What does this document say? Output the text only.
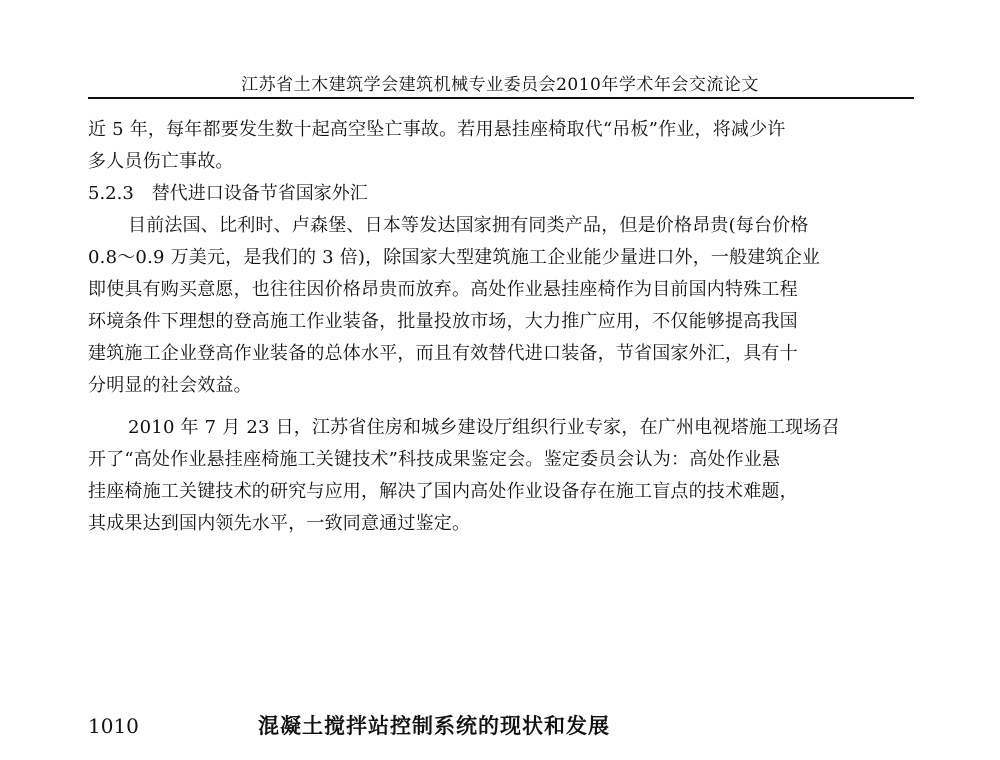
江苏省土木建筑学会建筑机械专业委员会2010年学术年会交流论文
近 5 年，每年都要发生数十起高空坠亡事故。若用悬挂座椅取代“吊板”作业，将减少许
多人员伤亡事故。
5.2.3　替代进口设备节省国家外汇
目前法国、比利时、卢森堡、日本等发达国家拥有同类产品，但是价格昂贵(每台价格
0.8～0.9 万美元，是我们的 3 倍)，除国家大型建筑施工企业能少量进口外，一般建筑企业
即使具有购买意愿，也往往因价格昂贵而放弃。高处作业悬挂座椅作为目前国内特殊工程
环境条件下理想的登高施工作业装备，批量投放市场，大力推广应用，不仅能够提高我国
建筑施工企业登高作业装备的总体水平，而且有效替代进口装备，节省国家外汇，具有十
分明显的社会效益。
2010 年 7 月 23 日，江苏省住房和城乡建设厅组织行业专家，在广州电视塔施工现场召
开了“高处作业悬挂座椅施工关键技术”科技成果鉴定会。鉴定委员会认为：高处作业悬
挂座椅施工关键技术的研究与应用，解决了国内高处作业设备存在施工盲点的技术难题，
其成果达到国内领先水平，一致同意通过鉴定。
1010	混凝土搅拌站控制系统的现状和发展
